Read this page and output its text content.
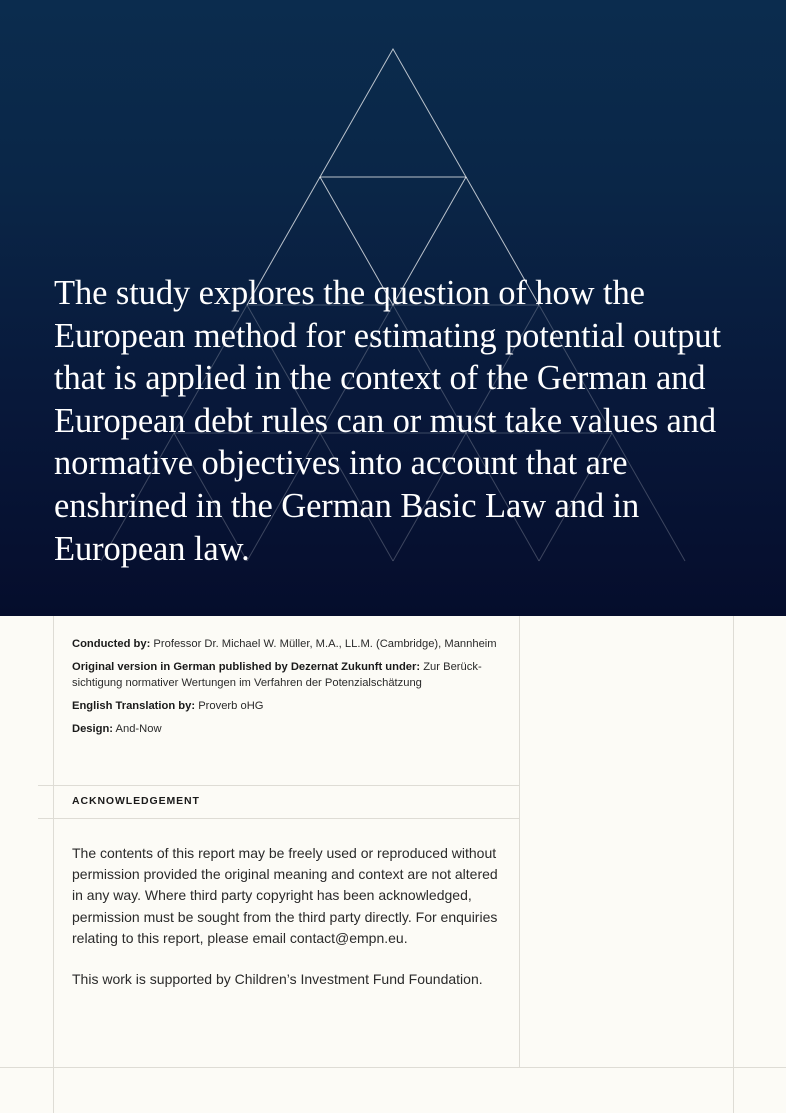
The study explores the question of how the European method for estimating potential output that is applied in the context of the German and European debt rules can or must take values and normative objectives into account that are enshrined in the German Basic Law and in European law.

Conducted by: Professor Dr. Michael W. Müller, M.A., LL.M. (Cambridge), Mannheim

Original version in German published by Dezernat Zukunft under: Zur Berücksichtigung normativer Wertungen im Verfahren der Potenzialschätzung

English Translation by: Proverb oHG

Design: And-Now

ACKNOWLEDGEMENT

The contents of this report may be freely used or reproduced without permission provided the original meaning and context are not altered in any way. Where third party copyright has been acknowledged, permission must be sought from the third party directly. For enquiries relating to this report, please email contact@empn.eu.

This work is supported by Children’s Investment Fund Foundation.
